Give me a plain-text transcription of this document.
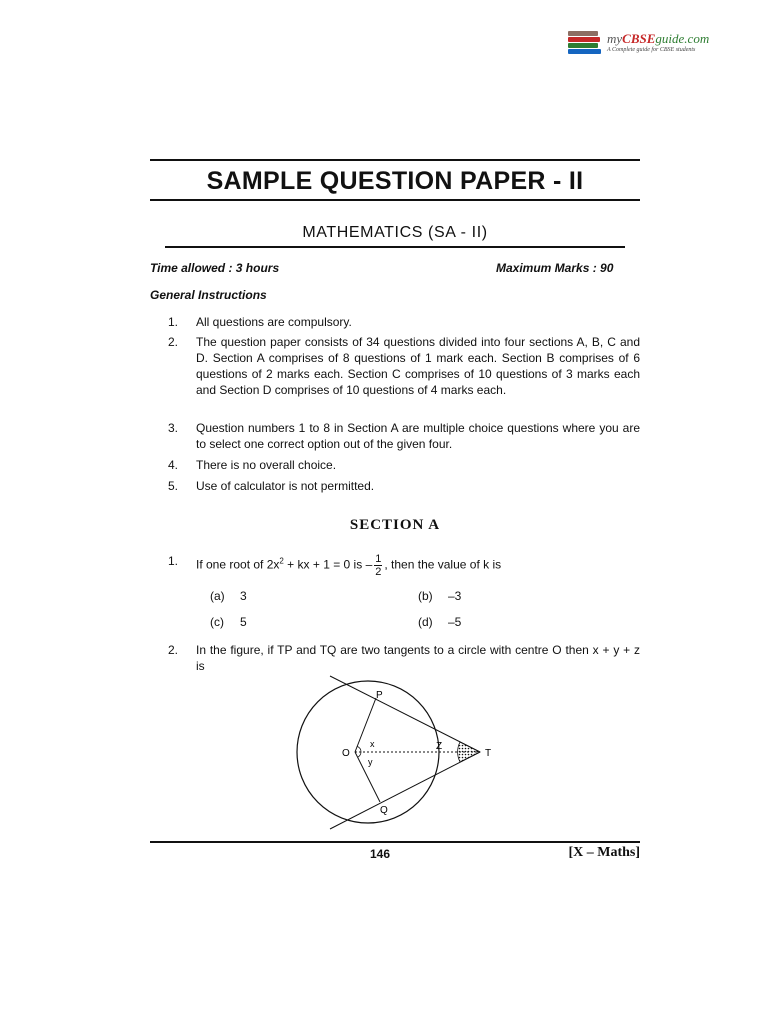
myCBSEguide.com
A Complete guide for CBSE students
SAMPLE QUESTION PAPER - II
MATHEMATICS (SA - II)
Time allowed : 3 hours	Maximum Marks : 90
General Instructions
1.	All questions are compulsory.
2.	The question paper consists of 34 questions divided into four sections A, B, C and D. Section A comprises of 8 questions of 1 mark each. Section B comprises of 6 questions of 2 marks each. Section C comprises of 10 questions of 3 marks each and Section D comprises of 10 questions of 4 marks each.
3.	Question numbers 1 to 8 in Section A are multiple choice questions where you are to select one correct option out of the given four.
4.	There is no overall choice.
5.	Use of calculator is not permitted.
SECTION A
1.	If one root of $2x^2$ + kx + 1 = 0 is – $\frac{1}{2}$ , then the value of k is
(a)	3	(b)	–3
(c)	5	(d)	–5
2.	In the figure, if TP and TQ are two tangents to a circle with centre O then x + y + z is
P
Q
O	T
x
y
Z
146	[X – Maths]
